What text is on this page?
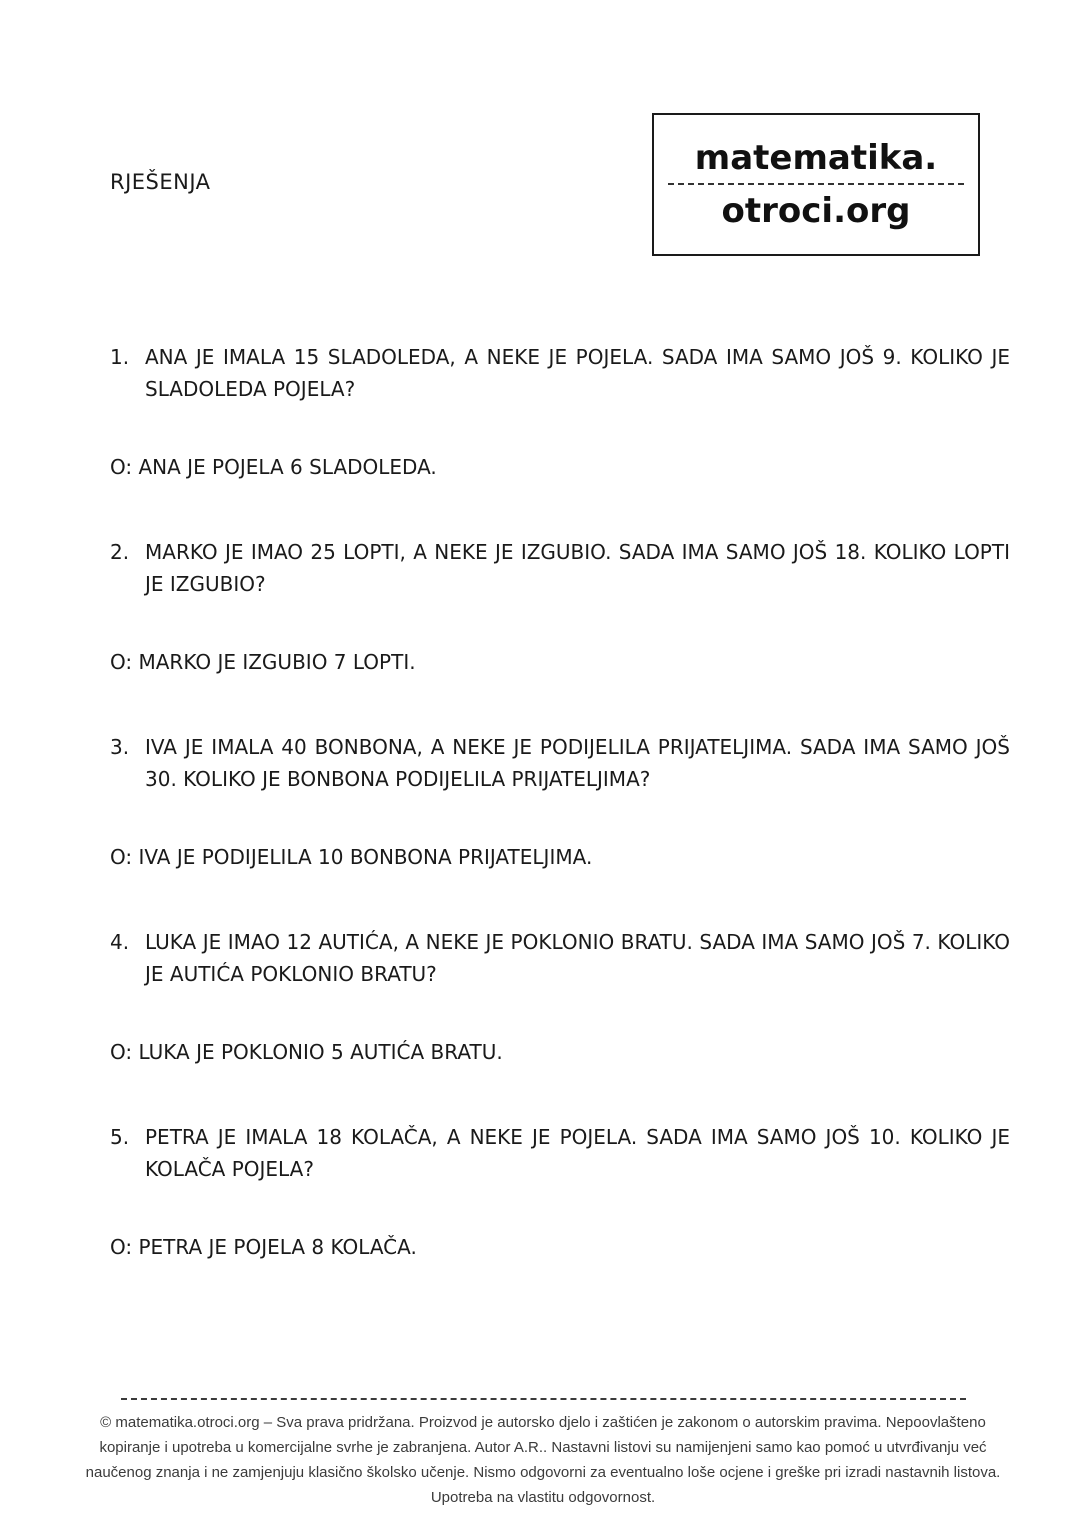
RJEŠENJA
matematika.
otroci.org
1. ANA JE IMALA 15 SLADOLEDA, A NEKE JE POJELA. SADA IMA SAMO JOŠ 9. KOLIKO JE SLADOLEDA POJELA?
O: ANA JE POJELA 6 SLADOLEDA.
2. MARKO JE IMAO 25 LOPTI, A NEKE JE IZGUBIO. SADA IMA SAMO JOŠ 18. KOLIKO LOPTI JE IZGUBIO?
O: MARKO JE IZGUBIO 7 LOPTI.
3. IVA JE IMALA 40 BONBONA, A NEKE JE PODIJELILA PRIJATELJIMA. SADA IMA SAMO JOŠ 30. KOLIKO JE BONBONA PODIJELILA PRIJATELJIMA?
O: IVA JE PODIJELILA 10 BONBONA PRIJATELJIMA.
4. LUKA JE IMAO 12 AUTIĆA, A NEKE JE POKLONIO BRATU. SADA IMA SAMO JOŠ 7. KOLIKO JE AUTIĆA POKLONIO BRATU?
O: LUKA JE POKLONIO 5 AUTIĆA BRATU.
5. PETRA JE IMALA 18 KOLAČA, A NEKE JE POJELA. SADA IMA SAMO JOŠ 10. KOLIKO JE KOLAČA POJELA?
O: PETRA JE POJELA 8 KOLAČA.
© matematika.otroci.org – Sva prava pridržana. Proizvod je autorsko djelo i zaštićen je zakonom o autorskim pravima. Nepoovlašteno kopiranje i upotreba u komercijalne svrhe je zabranjena. Autor A.R.. Nastavni listovi su namijenjeni samo kao pomoć u utvrđivanju već naučenog znanja i ne zamjenjuju klasično školsko učenje. Nismo odgovorni za eventualno loše ocjene i greške pri izradi nastavnih listova. Upotreba na vlastitu odgovornost.
